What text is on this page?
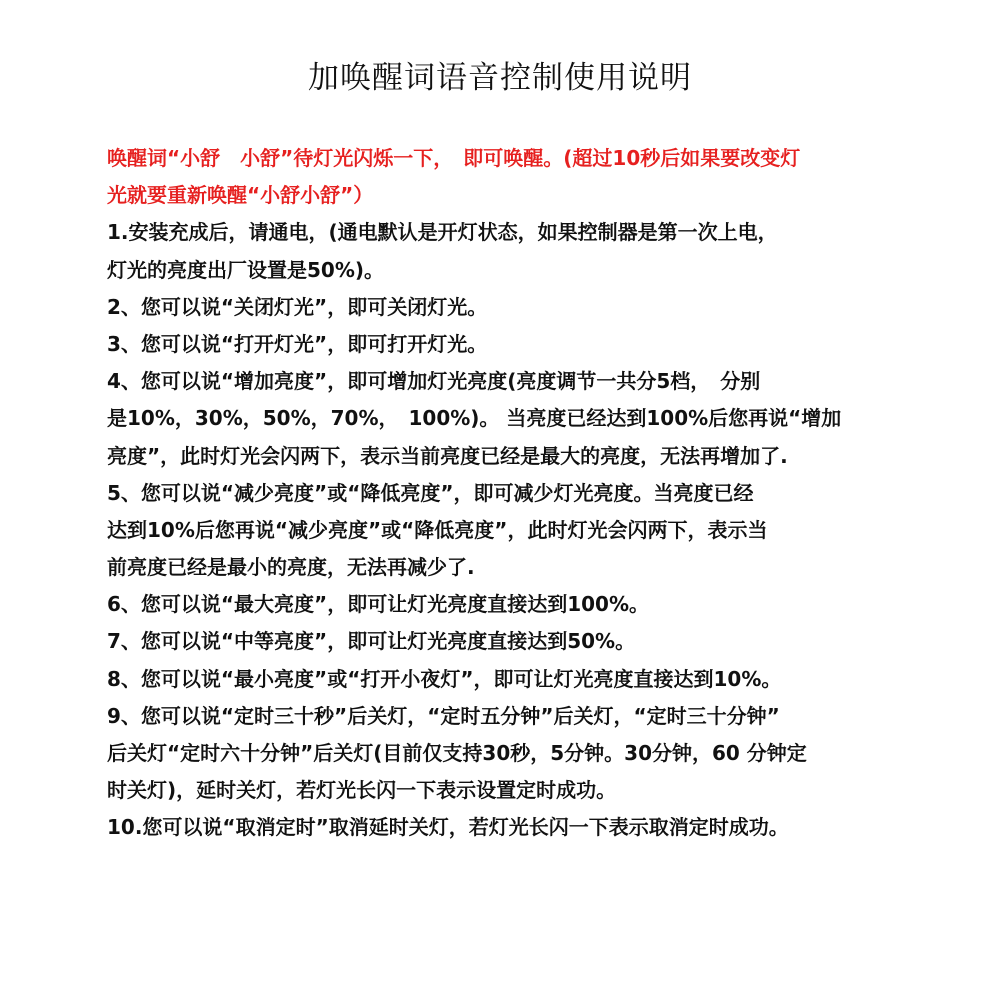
加唤醒词语音控制使用说明
唤醒词“小舒　小舒”待灯光闪烁一下，　即可唤醒。(超过10秒后如果要改变灯
光就要重新唤醒“小舒小舒”）
1.安装充成后，请通电，(通电默认是开灯状态，如果控制器是第一次上电，
灯光的亮度出厂设置是50%)。
2、您可以说“关闭灯光”，即可关闭灯光。
3、您可以说“打开灯光”，即可打开灯光。
4、您可以说“增加亮度”，即可增加灯光亮度(亮度调节一共分5档，　分别
是10%，30%，50%，70%，　100%)。 当亮度已经达到100%后您再说“增加
亮度”，此时灯光会闪两下，表示当前亮度已经是最大的亮度，无法再增加了.
5、您可以说“减少亮度”或“降低亮度”，即可减少灯光亮度。当亮度已经
达到10%后您再说“减少亮度”或“降低亮度”，此时灯光会闪两下，表示当
前亮度已经是最小的亮度，无法再减少了.
6、您可以说“最大亮度”，即可让灯光亮度直接达到100%。
7、您可以说“中等亮度”，即可让灯光亮度直接达到50%。
8、您可以说“最小亮度”或“打开小夜灯”，即可让灯光亮度直接达到10%。
9、您可以说“定时三十秒”后关灯，“定时五分钟”后关灯，“定时三十分钟”
后关灯“定时六十分钟”后关灯(目前仅支持30秒，5分钟。30分钟，60 分钟定
时关灯)，延时关灯，若灯光长闪一下表示设置定时成功。
10.您可以说“取消定时”取消延时关灯，若灯光长闪一下表示取消定时成功。
